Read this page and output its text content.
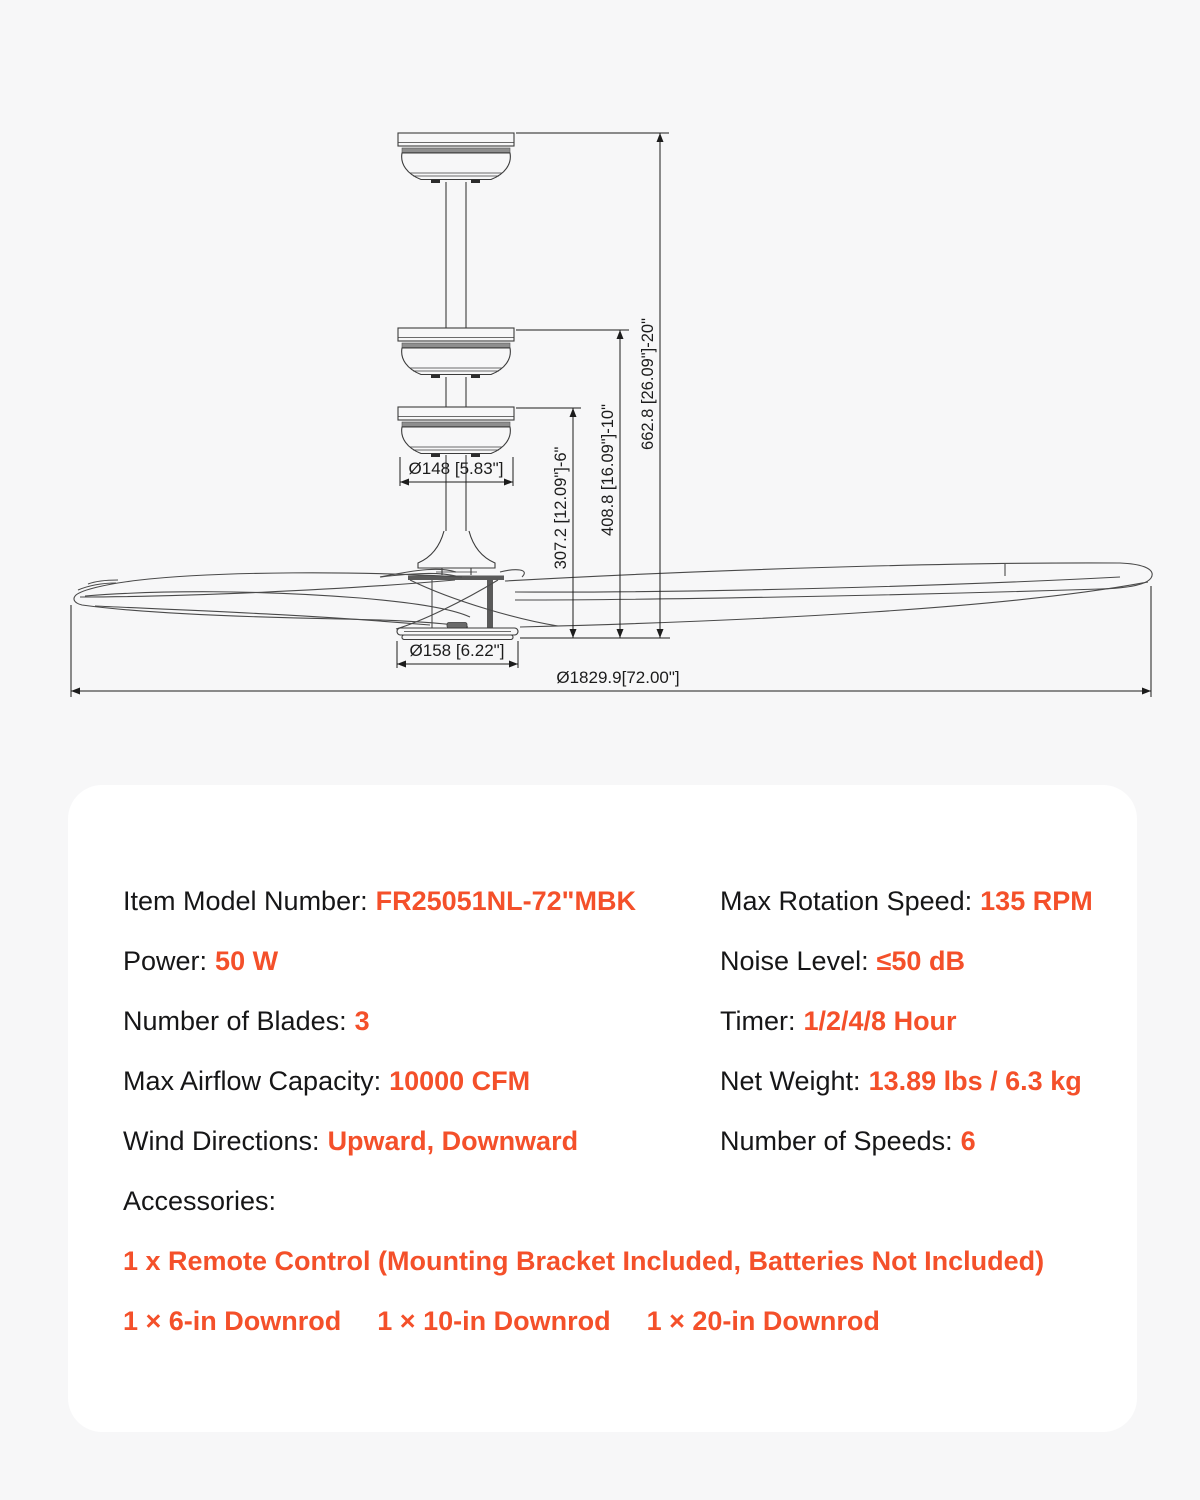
Ø148 [5.83"]
Ø158 [6.22"]
Ø1829.9[72.00"]
307.2 [12.09"]-6" 408.8 [16.09"]-10"
662.8 [26.09"]-20"
Item Model Number: FR25051NL-72"MBK
Power: 50 W
Number of Blades: 3
Max Airflow Capacity: 10000 CFM
Wind Directions: Upward, Downward
Accessories:
Max Rotation Speed: 135 RPM
Noise Level: ≤50 dB
Timer: 1/2/4/8 Hour
Net Weight: 13.89 lbs / 6.3 kg
Number of Speeds: 6
1 x Remote Control (Mounting Bracket Included, Batteries Not Included)
1 × 6-in Downrod 1 × 10-in Downrod 1 × 20-in Downrod
